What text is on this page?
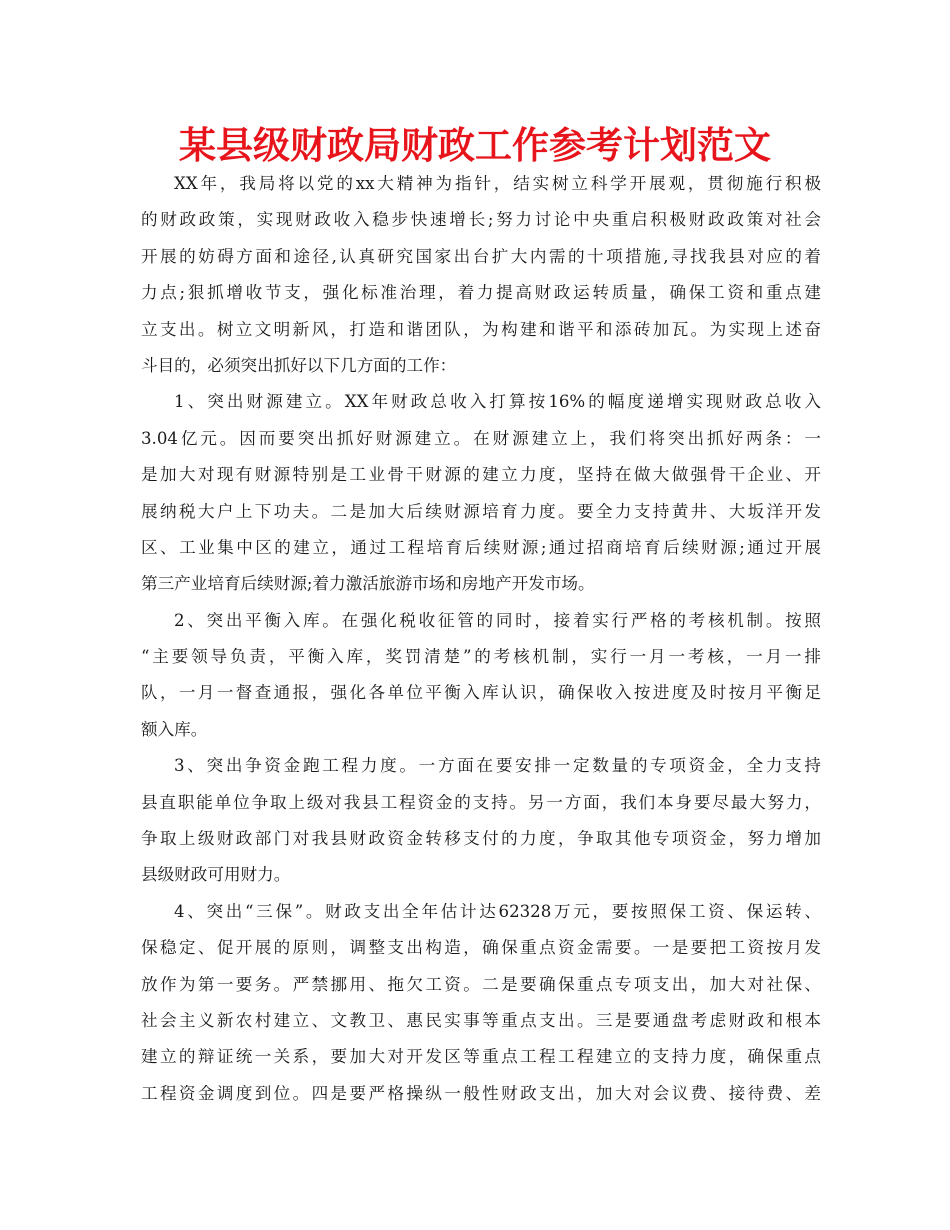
某县级财政局财政工作参考计划范文
XX年，我局将以党的xx大精神为指针，结实树立科学开展观，贯彻施行积极
的财政政策，实现财政收入稳步快速增长;努力讨论中央重启积极财政政策对社会
开展的妨碍方面和途径,认真研究国家出台扩大内需的十项措施,寻找我县对应的着
力点;狠抓增收节支，强化标准治理，着力提高财政运转质量，确保工资和重点建
立支出。树立文明新风，打造和谐团队，为构建和谐平和添砖加瓦。为实现上述奋
斗目的，必须突出抓好以下几方面的工作：
1、突出财源建立。XX年财政总收入打算按16%的幅度递增实现财政总收入
3.04亿元。因而要突出抓好财源建立。在财源建立上，我们将突出抓好两条：一
是加大对现有财源特别是工业骨干财源的建立力度，坚持在做大做强骨干企业、开
展纳税大户上下功夫。二是加大后续财源培育力度。要全力支持黄井、大坂洋开发
区、工业集中区的建立，通过工程培育后续财源;通过招商培育后续财源;通过开展
第三产业培育后续财源;着力激活旅游市场和房地产开发市场。
2、突出平衡入库。在强化税收征管的同时，接着实行严格的考核机制。按照
“主要领导负责，平衡入库，奖罚清楚”的考核机制，实行一月一考核，一月一排
队，一月一督查通报，强化各单位平衡入库认识，确保收入按进度及时按月平衡足
额入库。
3、突出争资金跑工程力度。一方面在要安排一定数量的专项资金，全力支持
县直职能单位争取上级对我县工程资金的支持。另一方面，我们本身要尽最大努力，
争取上级财政部门对我县财政资金转移支付的力度，争取其他专项资金，努力增加
县级财政可用财力。
4、突出“三保”。财政支出全年估计达62328万元，要按照保工资、保运转、
保稳定、促开展的原则，调整支出构造，确保重点资金需要。一是要把工资按月发
放作为第一要务。严禁挪用、拖欠工资。二是要确保重点专项支出，加大对社保、
社会主义新农村建立、文教卫、惠民实事等重点支出。三是要通盘考虑财政和根本
建立的辩证统一关系，要加大对开发区等重点工程工程建立的支持力度，确保重点
工程资金调度到位。四是要严格操纵一般性财政支出，加大对会议费、接待费、差
